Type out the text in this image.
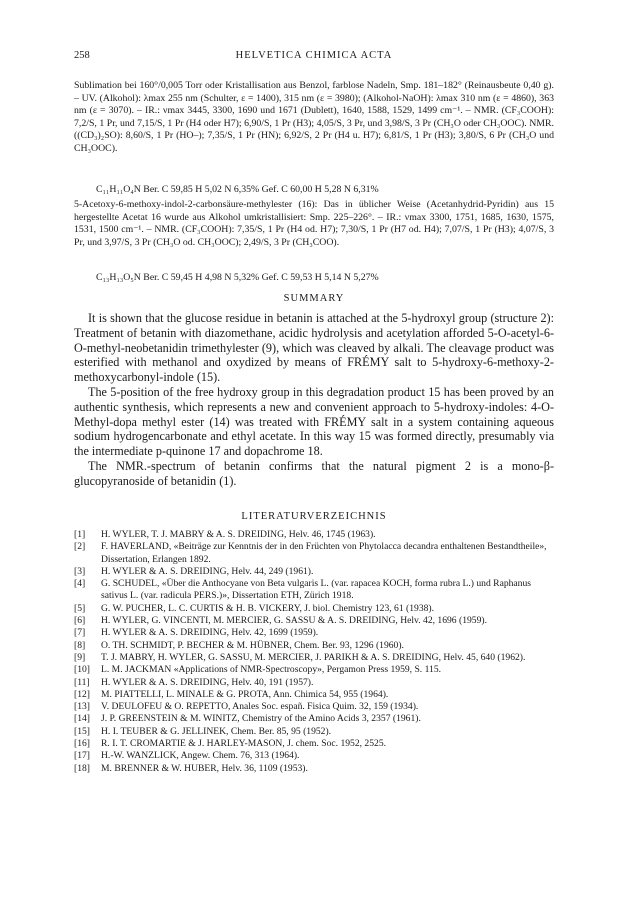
258	HELVETICA CHIMICA ACTA
Sublimation bei 160°/0,005 Torr oder Kristallisation aus Benzol, farblose Nadeln, Smp. 181–182° (Reinausbeute 0,40 g). – UV. (Alkohol): λmax 255 nm (Schulter, ε = 1400), 315 nm (ε = 3980); (Alkohol-NaOH): λmax 310 nm (ε = 4860), 363 nm (ε = 3070). – IR.: νmax 3445, 3300, 1690 und 1671 (Dublett), 1640, 1588, 1529, 1499 cm⁻¹. – NMR. (CF₃COOH): 7,2/S, 1 Pr, und 7,15/S, 1 Pr (H4 oder H7); 6,90/S, 1 Pr (H3); 4,05/S, 3 Pr, und 3,98/S, 3 Pr (CH₃O oder CH₃OOC). NMR. ((CD₃)₂SO): 8,60/S, 1 Pr (HO–); 7,35/S, 1 Pr (HN); 6,92/S, 2 Pr (H4 u. H7); 6,81/S, 1 Pr (H3); 3,80/S, 6 Pr (CH₃O und CH₃OOC).
C₁₁H₁₁O₄N Ber. C 59,85 H 5,02 N 6,35% Gef. C 60,00 H 5,28 N 6,31%
5-Acetoxy-6-methoxy-indol-2-carbonsäure-methylester (16): Das in üblicher Weise (Acetanhydrid-Pyridin) aus 15 hergestellte Acetat 16 wurde aus Alkohol umkristallisiert: Smp. 225–226°. – IR.: νmax 3300, 1751, 1685, 1630, 1575, 1531, 1500 cm⁻¹. – NMR. (CF₃COOH): 7,35/S, 1 Pr (H4 od. H7); 7,30/S, 1 Pr (H7 od. H4); 7,07/S, 1 Pr (H3); 4,07/S, 3 Pr, und 3,97/S, 3 Pr (CH₃O od. CH₃OOC); 2,49/S, 3 Pr (CH₃COO).
C₁₃H₁₃O₅N Ber. C 59,45 H 4,98 N 5,32% Gef. C 59,53 H 5,14 N 5,27%
SUMMARY

It is shown that the glucose residue in betanin is attached at the 5-hydroxyl group (structure 2): Treatment of betanin with diazomethane, acidic hydrolysis and acetylation afforded 5-O-acetyl-6-O-methyl-neobetanidin trimethylester (9), which was cleaved by alkali. The cleavage product was esterified with methanol and oxydized by means of FRÉMY salt to 5-hydroxy-6-methoxy-2-methoxycarbonyl-indole (15).

The 5-position of the free hydroxy group in this degradation product 15 has been proved by an authentic synthesis, which represents a new and convenient approach to 5-hydroxy-indoles: 4-O-Methyl-dopa methyl ester (14) was treated with FRÉMY salt in a system containing aqueous sodium hydrogencarbonate and ethyl acetate. In this way 15 was formed directly, presumably via the intermediate p-quinone 17 and dopachrome 18.

The NMR.-spectrum of betanin confirms that the natural pigment 2 is a mono-β-glucopyranoside of betanidin (1).

LITERATURVERZEICHNIS
[1] H. WYLER, T. J. MABRY & A. S. DREIDING, Helv. 46, 1745 (1963).
[2] F. HAVERLAND, «Beiträge zur Kenntnis der in den Früchten von Phytolacca decandra enthaltenen Bestandtheile», Dissertation, Erlangen 1892.
[3] H. WYLER & A. S. DREIDING, Helv. 44, 249 (1961).
[4] G. SCHUDEL, «Über die Anthocyane von Beta vulgaris L. (var. rapacea KOCH, forma rubra L.) und Raphanus sativus L. (var. radicula PERS.)», Dissertation ETH, Zürich 1918.
[5] G. W. PUCHER, L. C. CURTIS & H. B. VICKERY, J. biol. Chemistry 123, 61 (1938).
[6] H. WYLER, G. VINCENTI, M. MERCIER, G. SASSU & A. S. DREIDING, Helv. 42, 1696 (1959).
[7] H. WYLER & A. S. DREIDING, Helv. 42, 1699 (1959).
[8] O. TH. SCHMIDT, P. BECHER & M. HÜBNER, Chem. Ber. 93, 1296 (1960).
[9] T. J. MABRY, H. WYLER, G. SASSU, M. MERCIER, J. PARIKH & A. S. DREIDING, Helv. 45, 640 (1962).
[10] L. M. JACKMAN «Applications of NMR-Spectroscopy», Pergamon Press 1959, S. 115.
[11] H. WYLER & A. S. DREIDING, Helv. 40, 191 (1957).
[12] M. PIATTELLI, L. MINALE & G. PROTA, Ann. Chimica 54, 955 (1964).
[13] V. DEULOFEU & O. REPETTO, Anales Soc. españ. Fisica Quim. 32, 159 (1934).
[14] J. P. GREENSTEIN & M. WINITZ, Chemistry of the Amino Acids 3, 2357 (1961).
[15] H. I. TEUBER & G. JELLINEK, Chem. Ber. 85, 95 (1952).
[16] R. I. T. CROMARTIE & J. HARLEY-MASON, J. chem. Soc. 1952, 2525.
[17] H.-W. WANZLICK, Angew. Chem. 76, 313 (1964).
[18] M. BRENNER & W. HUBER, Helv. 36, 1109 (1953).
